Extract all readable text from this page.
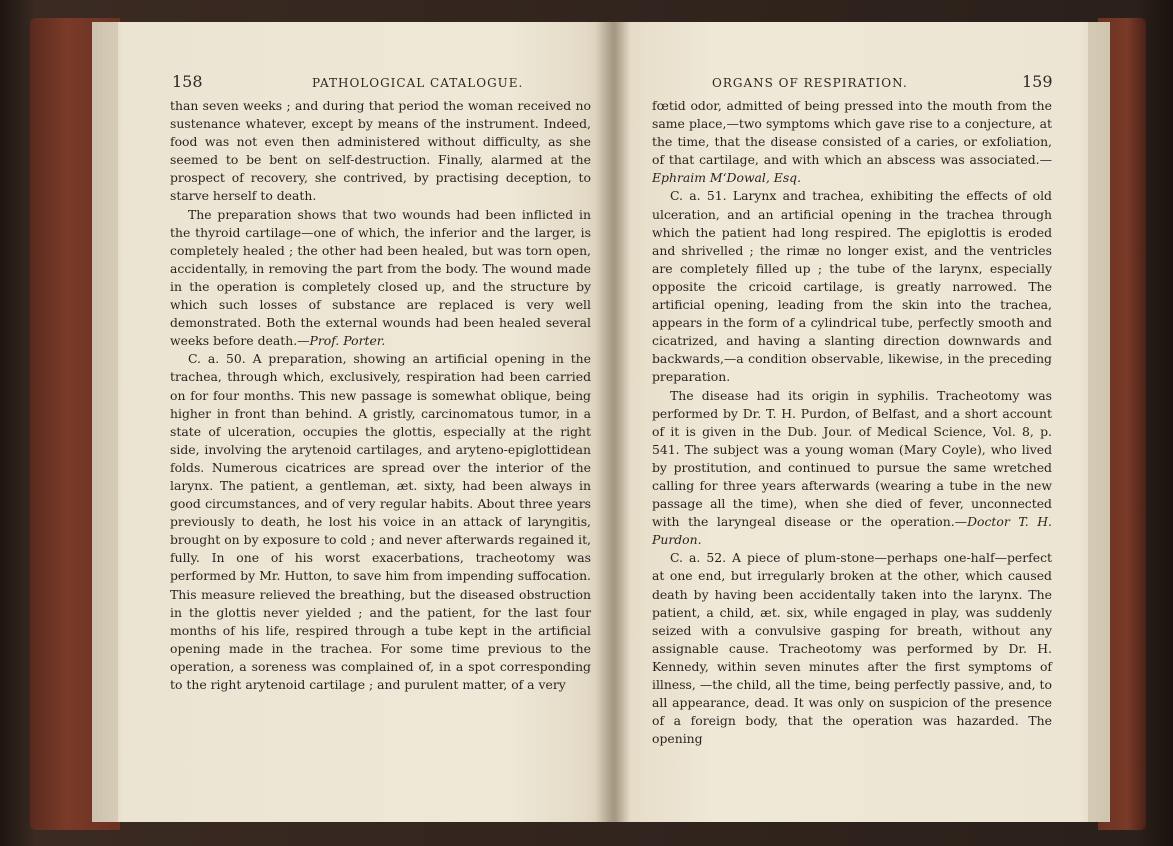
158	PATHOLOGICAL CATALOGUE.

than seven weeks ; and during that period the woman received no sustenance whatever, except by means of the instrument. Indeed, food was not even then administered without difficulty, as she seemed to be bent on self-destruction. Finally, alarmed at the prospect of recovery, she contrived, by practising deception, to starve herself to death.

The preparation shows that two wounds had been inflicted in the thyroid cartilage—one of which, the inferior and the larger, is completely healed ; the other had been healed, but was torn open, accidentally, in removing the part from the body. The wound made in the operation is completely closed up, and the structure by which such losses of substance are replaced is very well demonstrated. Both the external wounds had been healed several weeks before death.—Prof. Porter.

C. a. 50. A preparation, showing an artificial opening in the trachea, through which, exclusively, respiration had been carried on for four months. This new passage is somewhat oblique, being higher in front than behind. A gristly, carcinomatous tumor, in a state of ulceration, occupies the glottis, especially at the right side, involving the arytenoid cartilages, and aryteno-epiglottidean folds. Numerous cicatrices are spread over the interior of the larynx. The patient, a gentleman, æt. sixty, had been always in good circumstances, and of very regular habits. About three years previously to death, he lost his voice in an attack of laryngitis, brought on by exposure to cold ; and never afterwards regained it, fully. In one of his worst exacerbations, tracheotomy was performed by Mr. Hutton, to save him from impending suffocation. This measure relieved the breathing, but the diseased obstruction in the glottis never yielded ; and the patient, for the last four months of his life, respired through a tube kept in the artificial opening made in the trachea. For some time previous to the operation, a soreness was complained of, in a spot corresponding to the right arytenoid cartilage ; and purulent matter, of a very

ORGANS OF RESPIRATION.	159

fœtid odor, admitted of being pressed into the mouth from the same place,—two symptoms which gave rise to a conjecture, at the time, that the disease consisted of a caries, or exfoliation, of that cartilage, and with which an abscess was associated.—Ephraim M‘Dowal, Esq.

C. a. 51. Larynx and trachea, exhibiting the effects of old ulceration, and an artificial opening in the trachea through which the patient had long respired. The epiglottis is eroded and shrivelled ; the rimæ no longer exist, and the ventricles are completely filled up ; the tube of the larynx, especially opposite the cricoid cartilage, is greatly narrowed. The artificial opening, leading from the skin into the trachea, appears in the form of a cylindrical tube, perfectly smooth and cicatrized, and having a slanting direction downwards and backwards,—a condition observable, likewise, in the preceding preparation.

The disease had its origin in syphilis. Tracheotomy was performed by Dr. T. H. Purdon, of Belfast, and a short account of it is given in the Dub. Jour. of Medical Science, Vol. 8, p. 541. The subject was a young woman (Mary Coyle), who lived by prostitution, and continued to pursue the same wretched calling for three years afterwards (wearing a tube in the new passage all the time), when she died of fever, unconnected with the laryngeal disease or the operation.—Doctor T. H. Purdon.

C. a. 52. A piece of plum-stone—perhaps one-half—perfect at one end, but irregularly broken at the other, which caused death by having been accidentally taken into the larynx. The patient, a child, æt. six, while engaged in play, was suddenly seized with a convulsive gasping for breath, without any assignable cause. Tracheotomy was performed by Dr. H. Kennedy, within seven minutes after the first symptoms of illness, —the child, all the time, being perfectly passive, and, to all appearance, dead. It was only on suspicion of the presence of a foreign body, that the operation was hazarded. The opening
